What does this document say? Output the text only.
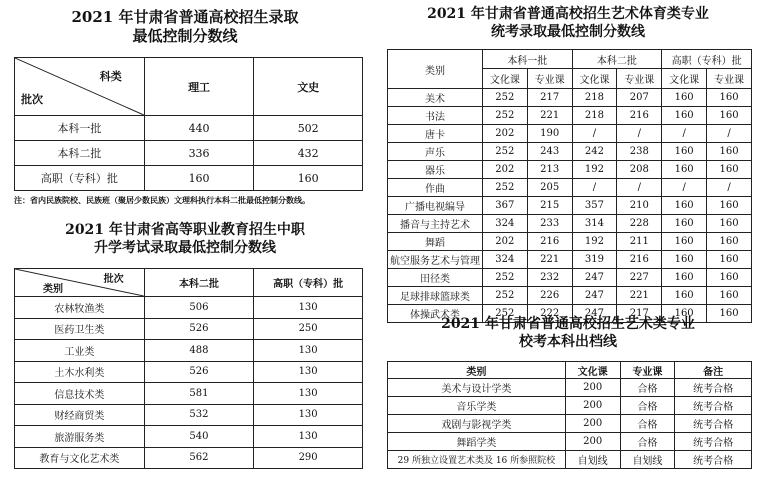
2021 年甘肃省普通高校招生录取
最低控制分数线
科类
批次	理工	文史
本科一批	440	502
本科二批	336	432
高职（专科）批	160	160
注：省内民族院校、民族班（聚居少数民族）文理科执行本科二批最低控制分数线。
2021 年甘肃省高等职业教育招生中职
升学考试录取最低控制分数线
批次
类别	本科二批	高职（专科）批
农林牧渔类	506	130
医药卫生类	526	250
工业类	488	130
土木水利类	526	130
信息技术类	581	130
财经商贸类	532	130
旅游服务类	540	130
教育与文化艺术类	562	290
2021 年甘肃省普通高校招生艺术体育类专业
统考录取最低控制分数线
类别	本科一批		本科二批		高职（专科）批	
	文化课	专业课	文化课	专业课	文化课	专业课
美术	252	217	218	207	160	160
书法	252	221	218	216	160	160
唐卡	202	190	/	/	/	/
声乐	252	243	242	238	160	160
器乐	202	213	192	208	160	160
作曲	252	205	/	/	/	/
广播电视编导	367	215	357	210	160	160
播音与主持艺术	324	233	314	228	160	160
舞蹈	202	216	192	211	160	160
航空服务艺术与管理	324	221	319	216	160	160
田径类	252	232	247	227	160	160
足球排球篮球类	252	226	247	221	160	160
体操武术类	252	222	247	217	160	160
2021 年甘肃省普通高校招生艺术类专业
校考本科出档线
类别	文化课	专业课	备注
美术与设计学类	200	合格	统考合格
音乐学类	200	合格	统考合格
戏剧与影视学类	200	合格	统考合格
舞蹈学类	200	合格	统考合格
29 所独立设置艺术类及 16 所参照院校	自划线	自划线	统考合格
